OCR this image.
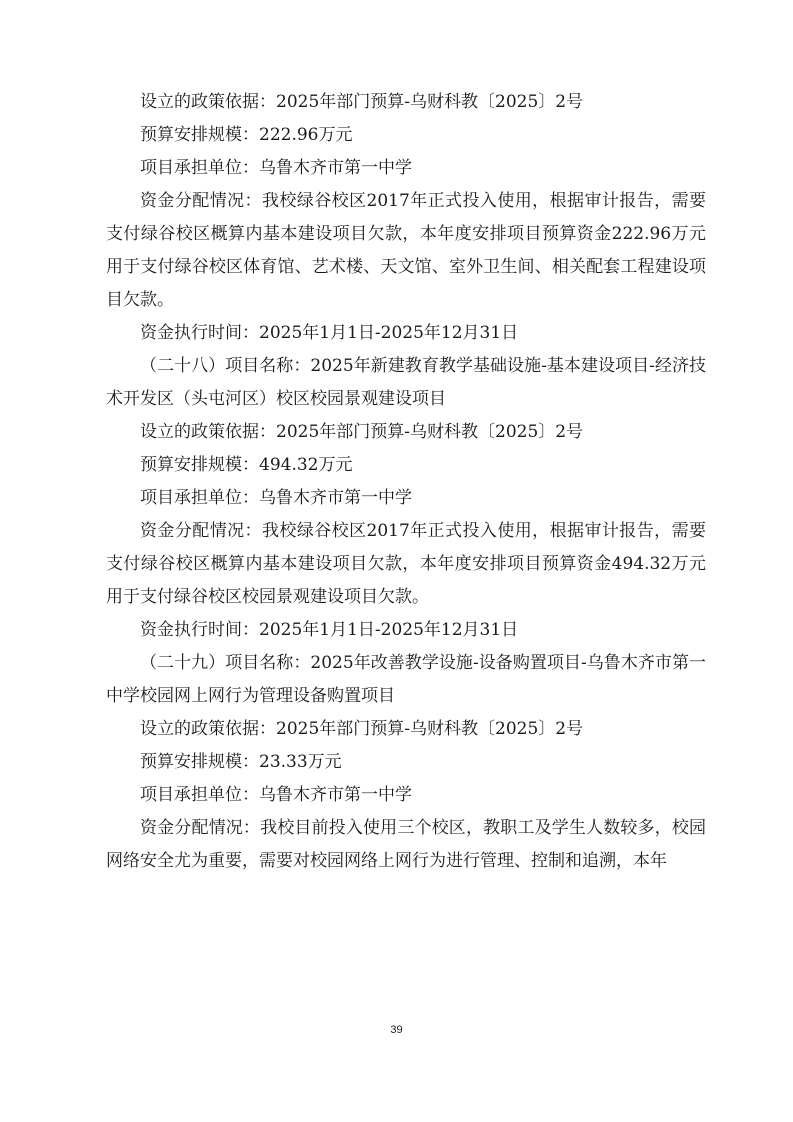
设立的政策依据：2025年部门预算-乌财科教〔2025〕2号

预算安排规模：222.96万元

项目承担单位：乌鲁木齐市第一中学

资金分配情况：我校绿谷校区2017年正式投入使用，根据审计报告，需要支付绿谷校区概算内基本建设项目欠款，本年度安排项目预算资金222.96万元用于支付绿谷校区体育馆、艺术楼、天文馆、室外卫生间、相关配套工程建设项目欠款。

资金执行时间：2025年1月1日-2025年12月31日

（二十八）项目名称：2025年新建教育教学基础设施-基本建设项目-经济技术开发区（头屯河区）校区校园景观建设项目

设立的政策依据：2025年部门预算-乌财科教〔2025〕2号

预算安排规模：494.32万元

项目承担单位：乌鲁木齐市第一中学

资金分配情况：我校绿谷校区2017年正式投入使用，根据审计报告，需要支付绿谷校区概算内基本建设项目欠款，本年度安排项目预算资金494.32万元用于支付绿谷校区校园景观建设项目欠款。

资金执行时间：2025年1月1日-2025年12月31日

（二十九）项目名称：2025年改善教学设施-设备购置项目-乌鲁木齐市第一中学校园网上网行为管理设备购置项目

设立的政策依据：2025年部门预算-乌财科教〔2025〕2号

预算安排规模：23.33万元

项目承担单位：乌鲁木齐市第一中学

资金分配情况：我校目前投入使用三个校区，教职工及学生人数较多，校园网络安全尤为重要，需要对校园网络上网行为进行管理、控制和追溯，本年

39
